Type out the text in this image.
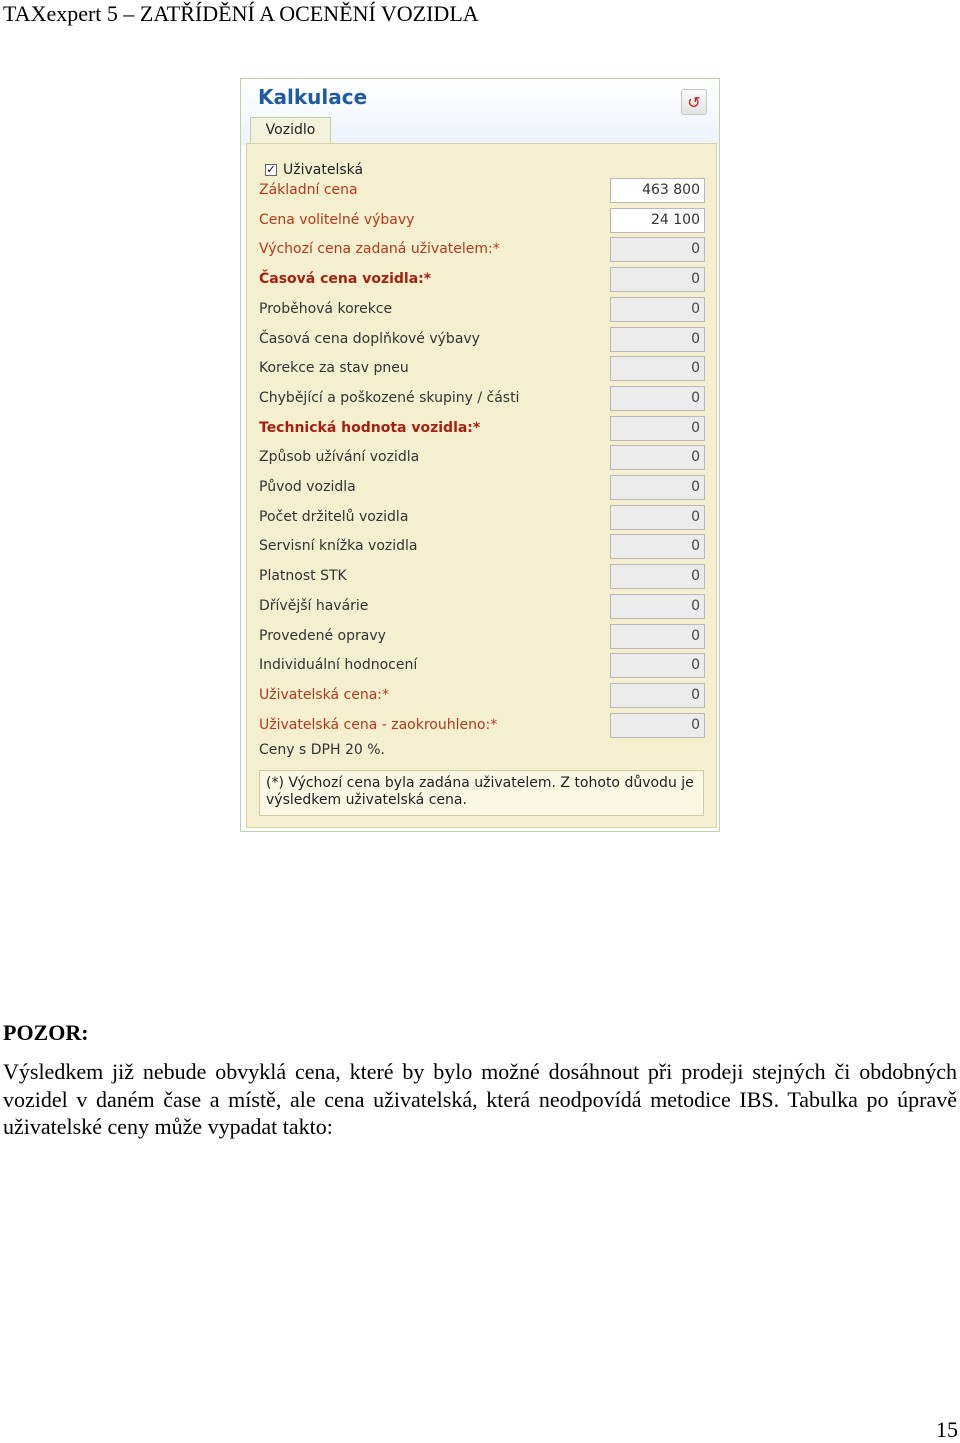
TAXexpert 5 – ZATŘÍDĚNÍ A OCENĚNÍ VOZIDLA
Kalkulace	↺
Vozidlo
✓ Uživatelská
Základní cena	463 800
Cena volitelné výbavy	24 100
Výchozí cena zadaná uživatelem:*	0
Časová cena vozidla:*	0
Proběhová korekce	0
Časová cena doplňkové výbavy	0
Korekce za stav pneu	0
Chybějící a poškozené skupiny / části	0
Technická hodnota vozidla:*	0
Způsob užívání vozidla	0
Původ vozidla	0
Počet držitelů vozidla	0
Servisní knížka vozidla	0
Platnost STK	0
Dřívější havárie	0
Provedené opravy	0
Individuální hodnocení	0
Uživatelská cena:*	0
Uživatelská cena - zaokrouhleno:*	0
Ceny s DPH 20 %.
(*) Výchozí cena byla zadána uživatelem. Z tohoto důvodu je výsledkem uživatelská cena.
POZOR:
Výsledkem již nebude obvyklá cena, které by bylo možné dosáhnout při prodeji stejných či obdobných vozidel v daném čase a místě, ale cena uživatelská, která neodpovídá metodice IBS. Tabulka po úpravě uživatelské ceny může vypadat takto:
15
